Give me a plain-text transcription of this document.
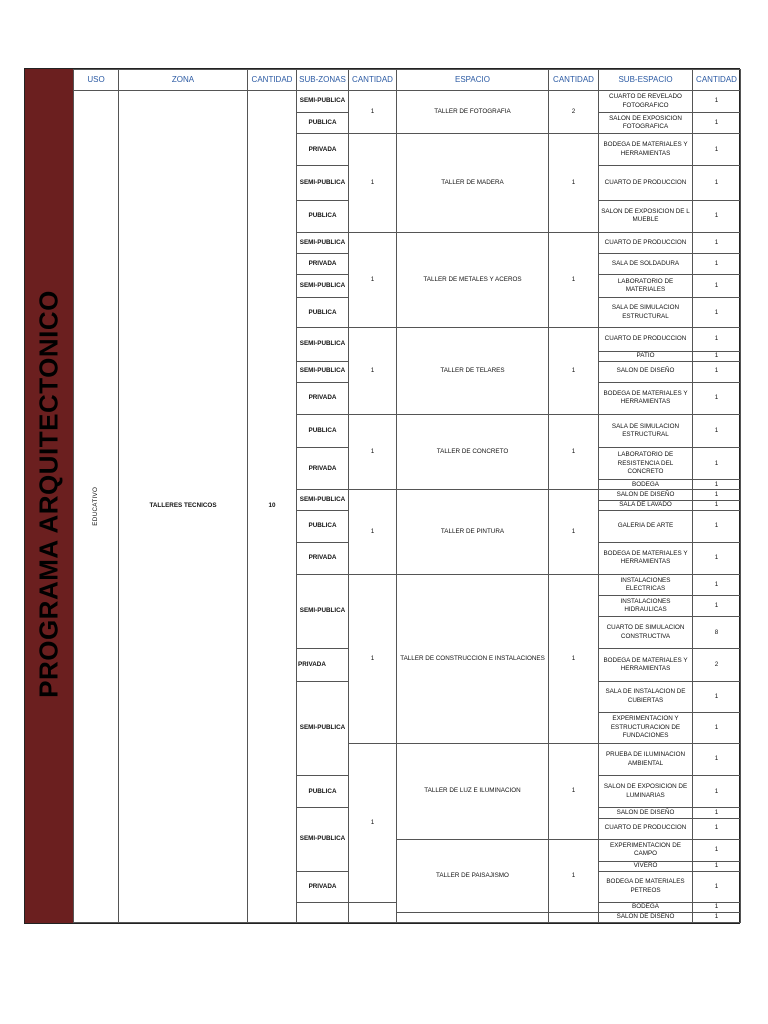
PROGRAMA ARQUITECTONICO
USO	ZONA	CANTIDAD	SUB-ZONAS	CANTIDAD	ESPACIO	CANTIDAD	SUB-ESPACIO	CANTIDAD
EDUCATIVO	TALLERES TECNICOS	10	SEMI-PUBLICA	1	TALLER DE FOTOGRAFIA	2	CUARTO DE REVELADO FOTOGRAFICO	1
			PUBLICA				SALON DE EXPOSICION FOTOGRAFICA	1
			PRIVADA	1	TALLER DE MADERA	1	BODEGA DE MATERIALES Y HERRAMIENTAS	1
			SEMI-PUBLICA				CUARTO DE PRODUCCION	1
			PUBLICA				SALON DE EXPOSICION DE L MUEBLE	1
			SEMI-PUBLICA	1	TALLER DE METALES Y ACEROS	1	CUARTO DE PRODUCCION	1
			PRIVADA				SALA DE SOLDADURA	1
			SEMI-PUBLICA				LABORATORIO DE MATERIALES	1
			PUBLICA				SALA DE SIMULACION ESTRUCTURAL	1
			SEMI-PUBLICA	1	TALLER DE TELARES	1	CUARTO DE PRODUCCION	1
							PATIO	1
			SEMI-PUBLICA				SALON DE DISEÑO	1
			PRIVADA				BODEGA DE MATERIALES Y HERRAMIENTAS	1
			PUBLICA	1	TALLER DE CONCRETO	1	SALA DE SIMULACION ESTRUCTURAL	1
			PRIVADA				LABORATORIO DE RESISTENCIA DEL CONCRETO	1
							BODEGA	1
			SEMI-PUBLICA	1	TALLER DE PINTURA	1	SALON DE DISEÑO	1
							SALA DE LAVADO	1
			PUBLICA				GALERIA DE ARTE	1
			PRIVADA				BODEGA DE MATERIALES Y HERRAMIENTAS	1
			SEMI-PUBLICA	1	TALLER DE CONSTRUCCION E INSTALACIONES	1	INSTALACIONES ELECTRICAS	1
							INSTALACIONES HIDRAULICAS	1
							CUARTO DE SIMULACION CONSTRUCTIVA	8
			PRIVADA				BODEGA DE MATERIALES Y HERRAMIENTAS	2
			SEMI-PUBLICA				SALA DE INSTALACION DE CUBIERTAS	1
							EXPERIMENTACION Y ESTRUCTURACION DE FUNDACIONES	1
				1	TALLER DE LUZ E ILUMINACION	1	PRUEBA DE ILUMINACION AMBIENTAL	1
			PUBLICA				SALON DE EXPOSICION DE LUMINARIAS	1
			SEMI-PUBLICA				SALON DE DISEÑO	1
							CUARTO DE PRODUCCION	1
					TALLER DE PAISAJISMO	1	EXPERIMENTACION DE CAMPO	1
							VIVERO	1
			PRIVADA				BODEGA DE MATERIALES PETREOS	1
							BODEGA	1
							SALON DE DISEÑO	1
